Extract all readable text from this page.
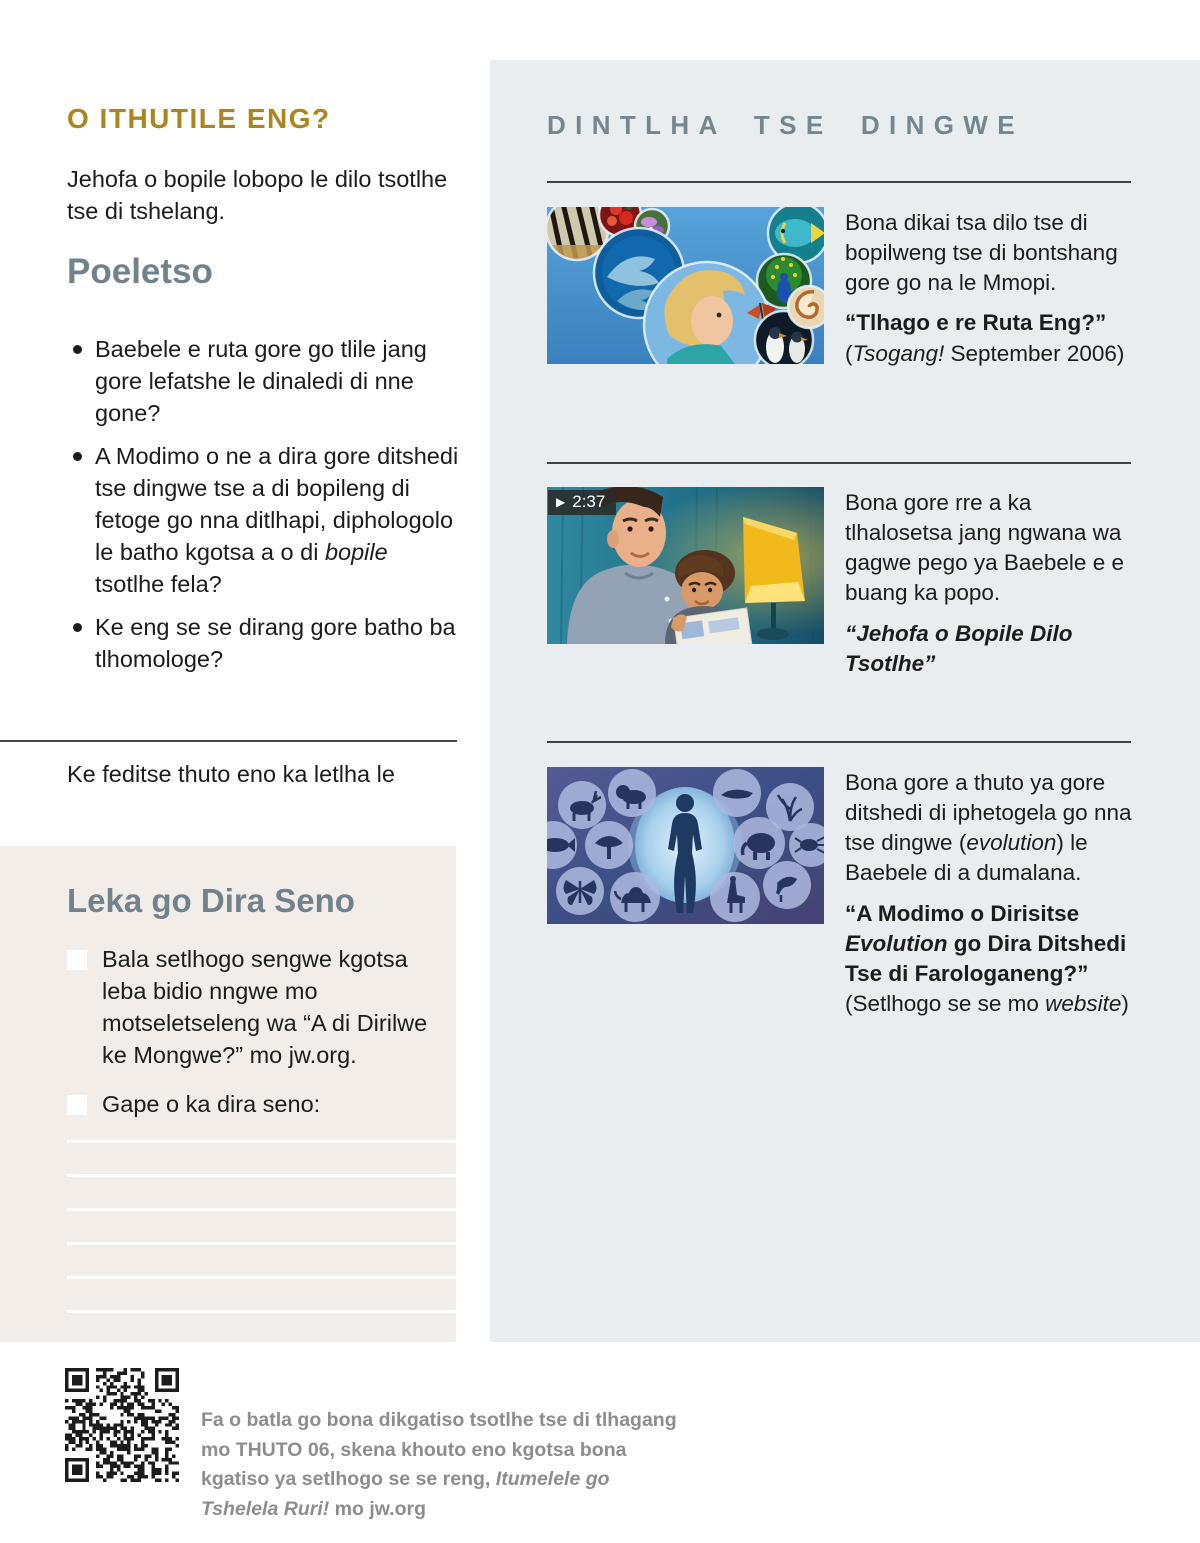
O ITHUTILE ENG?

Jehofa o bopile lobopo le dilo tsotlhe tse di tshelang.

Poeletso
Baebele e ruta gore go tlile jang gore lefatshe le dinaledi di nne gone?
A Modimo o ne a dira gore ditshedi tse dingwe tse a di bopileng di fetoge go nna ditlhapi, diphologolo le batho kgotsa a o di bopile tsotlhe fela?
Ke eng se se dirang gore batho ba tlhomologe?

Ke feditse thuto eno ka letlha le

Leka go Dira Seno

Bala setlhogo sengwe kgotsa leba bidio nngwe mo motseletseleng wa “A di Dirilwe ke Mongwe?” mo jw.org.

Gape o ka dira seno:

Fa o batla go bona dikgatiso tsotlhe tse di tlhagang mo THUTO 06, skena khouto eno kgotsa bona kgatiso ya setlhogo se se reng, Itumelele go Tshelela Ruri! mo jw.org

DINTLHA TSE DINGWE

Bona dikai tsa dilo tse di bopilweng tse di bontshang gore go na le Mmopi.

“Tlhago e re Ruta Eng?”

(Tsogang! September 2006)

▶ 2:37	Bona gore rre a ka tlhalosetsa jang ngwana wa gagwe pego ya Baebele e e buang ka popo.

“Jehofa o Bopile Dilo Tsotlhe”

Bona gore a thuto ya gore ditshedi di iphetogela go nna tse dingwe (evolution) le Baebele di a dumalana.

“A Modimo o Dirisitse Evolution go Dira Ditshedi Tse di Farologaneng?” (Setlhogo se se mo website)
